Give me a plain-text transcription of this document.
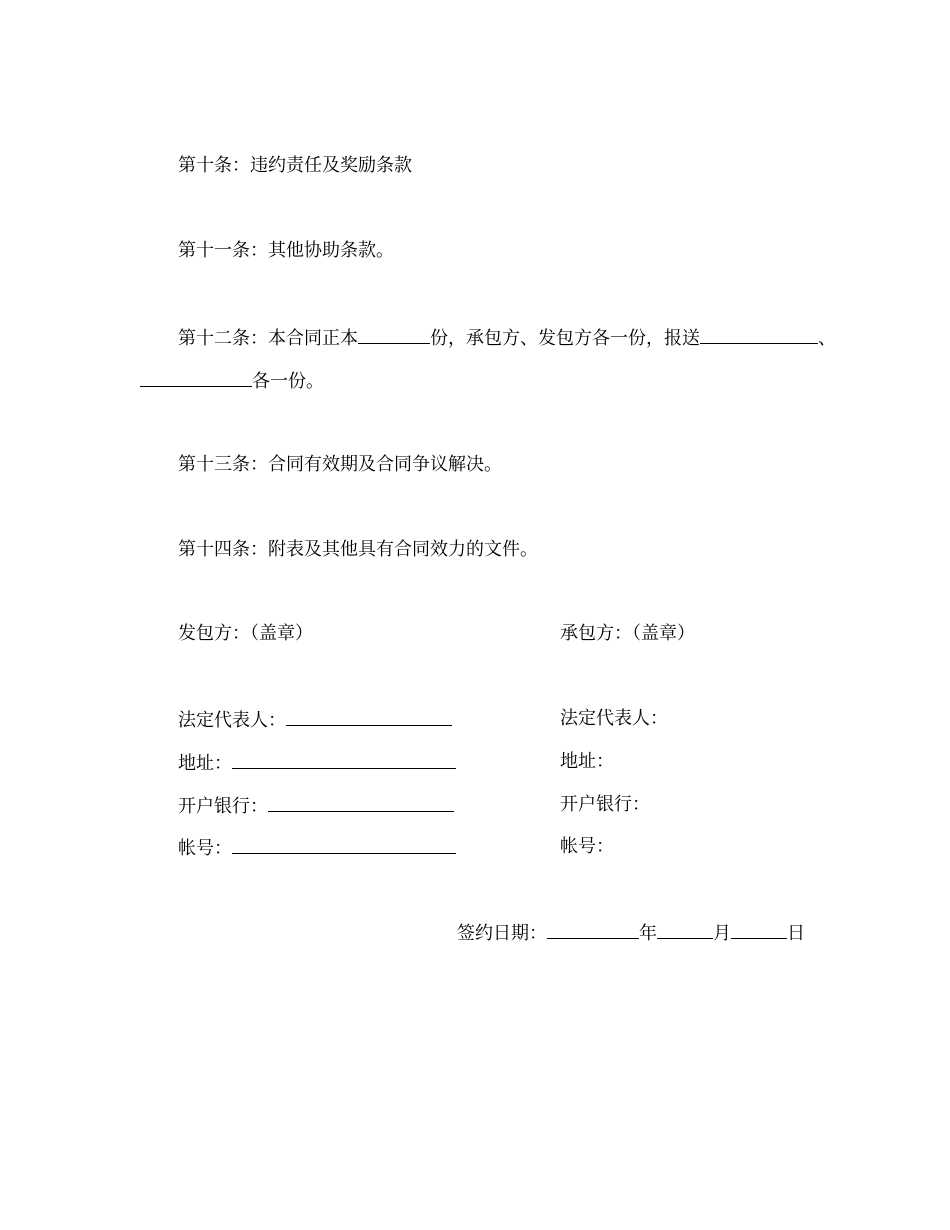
第十条：违约责任及奖励条款
第十一条：其他协助条款。
第十二条：本合同正本	份，承包方、发包方各一份，报送	、
各一份。
第十三条：合同有效期及合同争议解决。
第十四条：附表及其他具有合同效力的文件。
发包方：（盖章）
法定代表人：
地址：
开户银行：
帐号：
承包方：（盖章）
法定代表人：
地址：
开户银行：
帐号：
签约日期：	年	月	日
